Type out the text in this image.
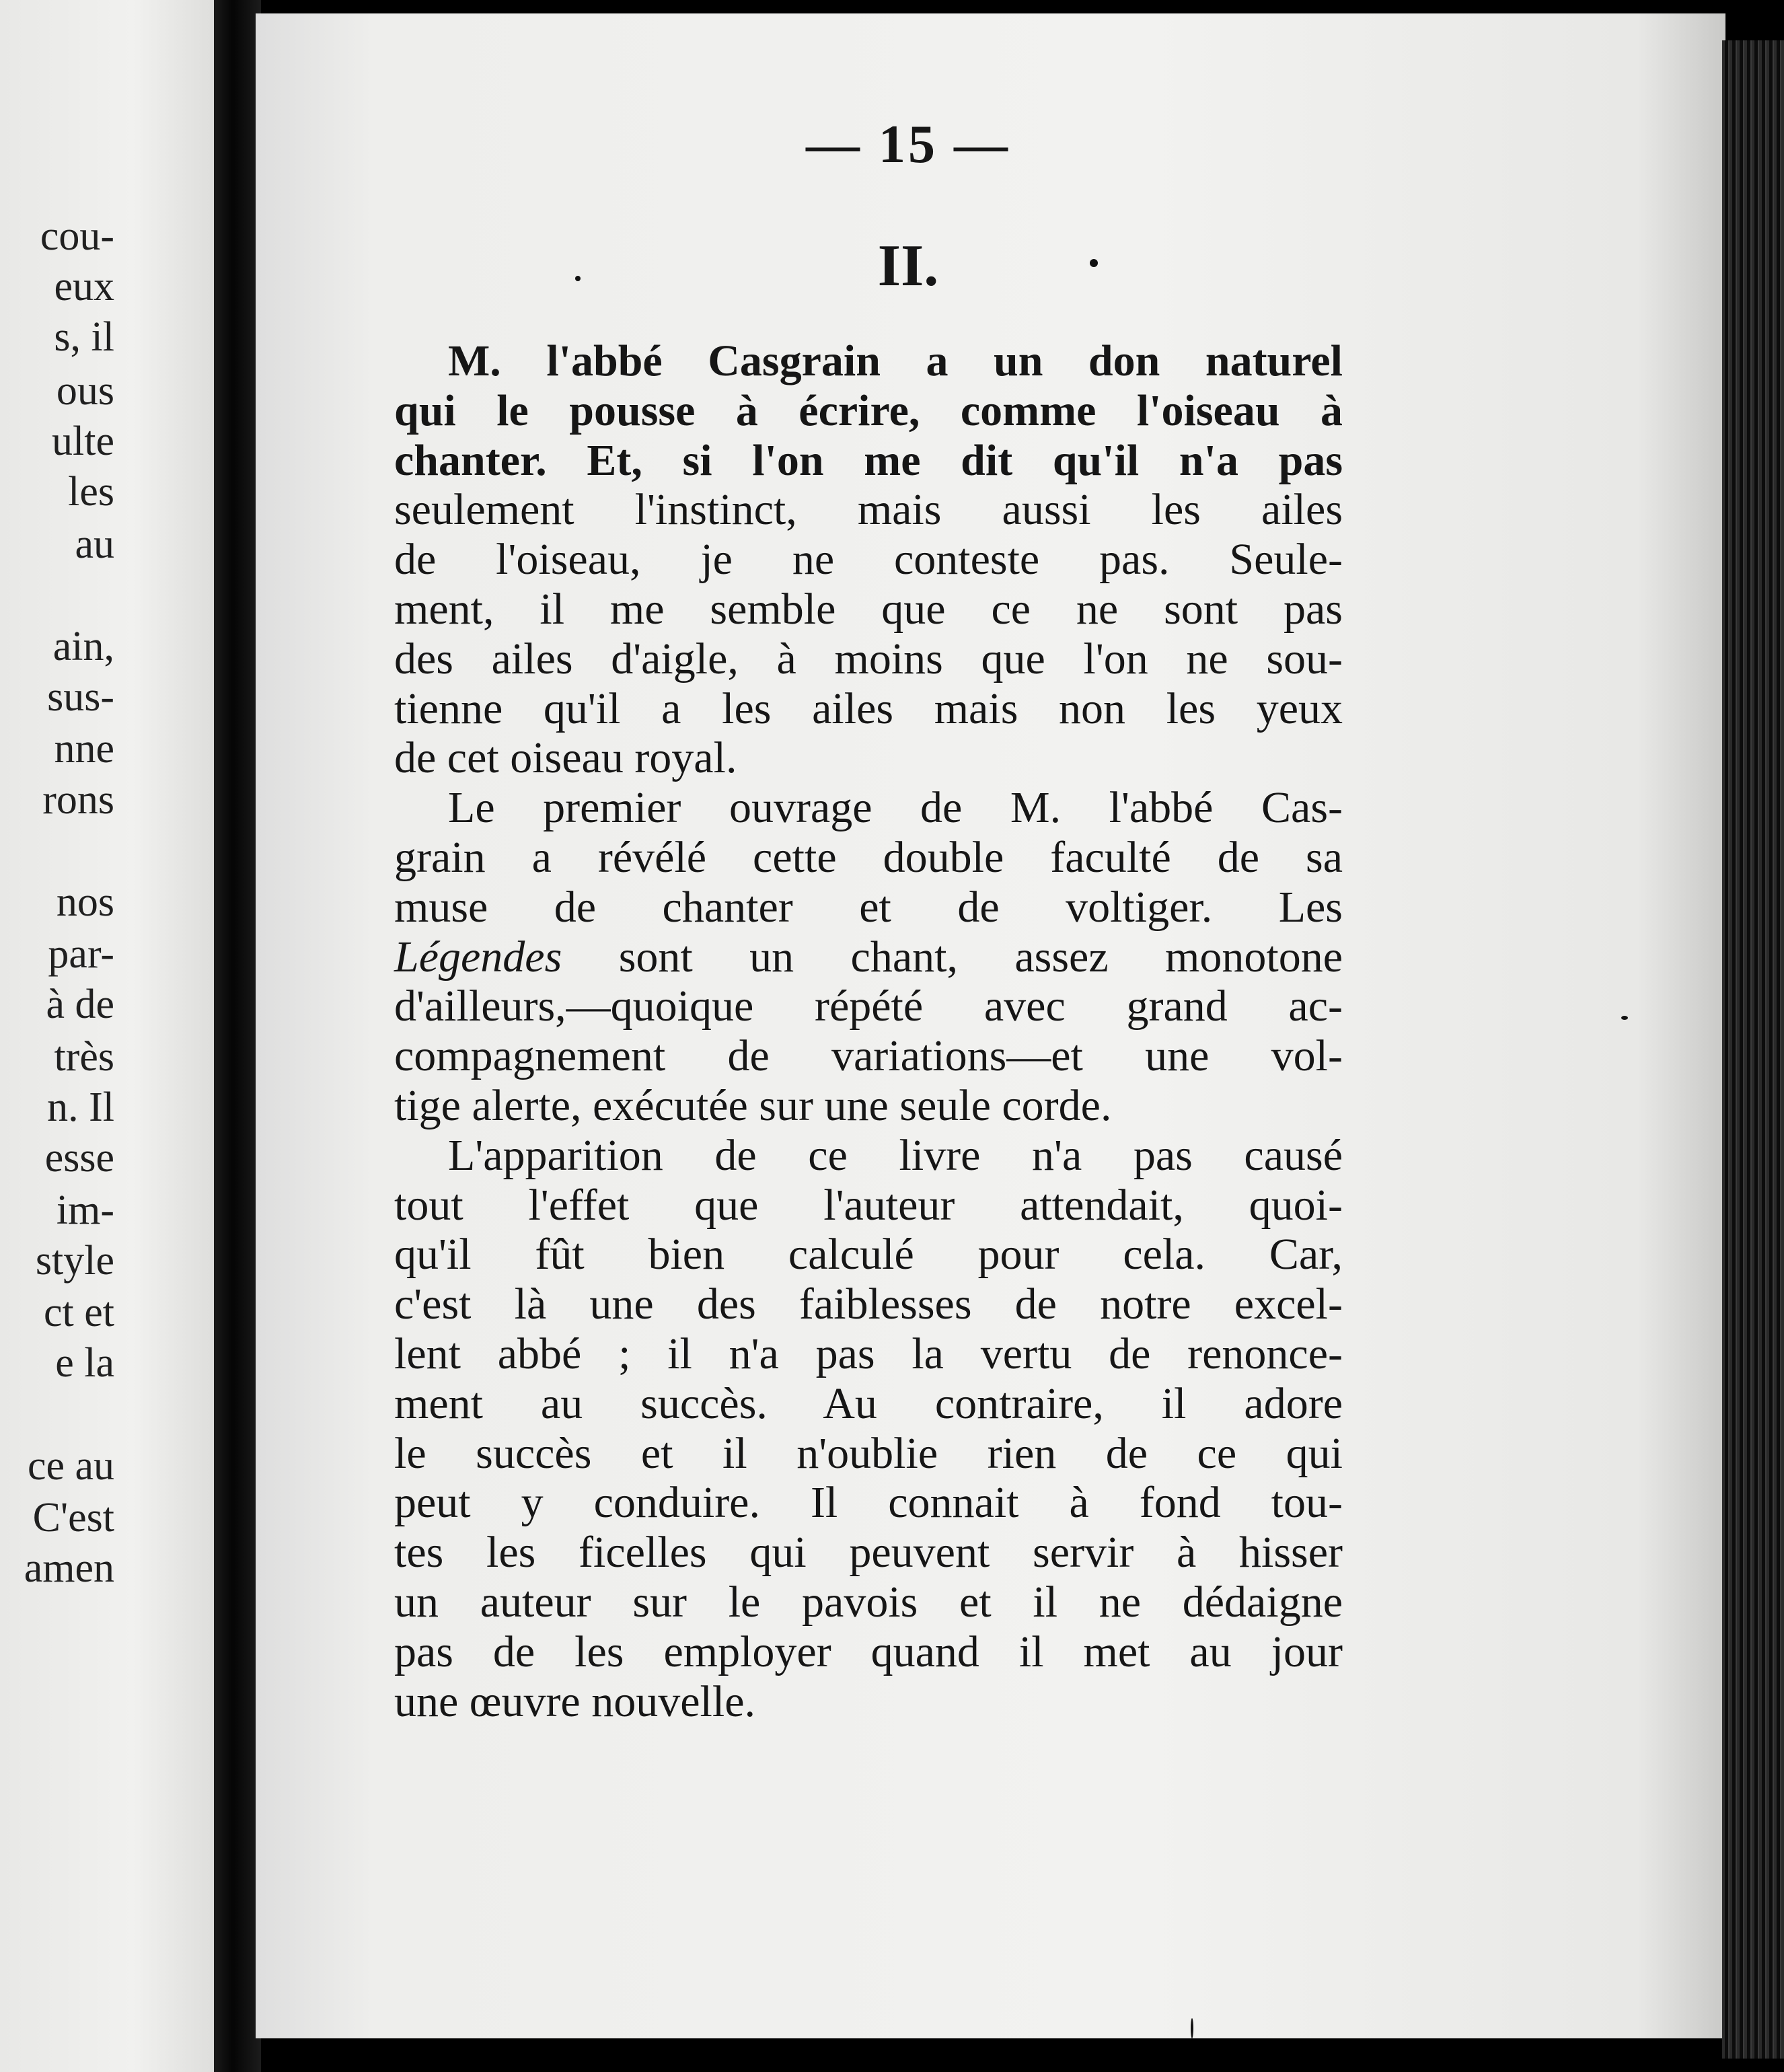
cou-
eux
s, il
ous
ulte
les
au
ain,
sus-
nne
rons
nos
par-
à de
très
n. Il
esse
im-
style
ct et
e la
ce au
C'est
amen
— 15 —
II.
M. l'abbé Casgrain a un don naturel
qui le pousse à écrire, comme l'oiseau à
chanter. Et, si l'on me dit qu'il n'a pas
seulement l'instinct, mais aussi les ailes
de l'oiseau, je ne conteste pas. Seule-
ment, il me semble que ce ne sont pas
des ailes d'aigle, à moins que l'on ne sou-
tienne qu'il a les ailes mais non les yeux
de cet oiseau royal.
Le premier ouvrage de M. l'abbé Cas-
grain a révélé cette double faculté de sa
muse de chanter et de voltiger. Les
Légendes sont un chant, assez monotone
d'ailleurs,—quoique répété avec grand ac-
compagnement de variations—et une vol-
tige alerte, exécutée sur une seule corde.
L'apparition de ce livre n'a pas causé
tout l'effet que l'auteur attendait, quoi-
qu'il fût bien calculé pour cela. Car,
c'est là une des faiblesses de notre excel-
lent abbé ; il n'a pas la vertu de renonce-
ment au succès. Au contraire, il adore
le succès et il n'oublie rien de ce qui
peut y conduire. Il connait à fond tou-
tes les ficelles qui peuvent servir à hisser
un auteur sur le pavois et il ne dédaigne
pas de les employer quand il met au jour
une œuvre nouvelle.
